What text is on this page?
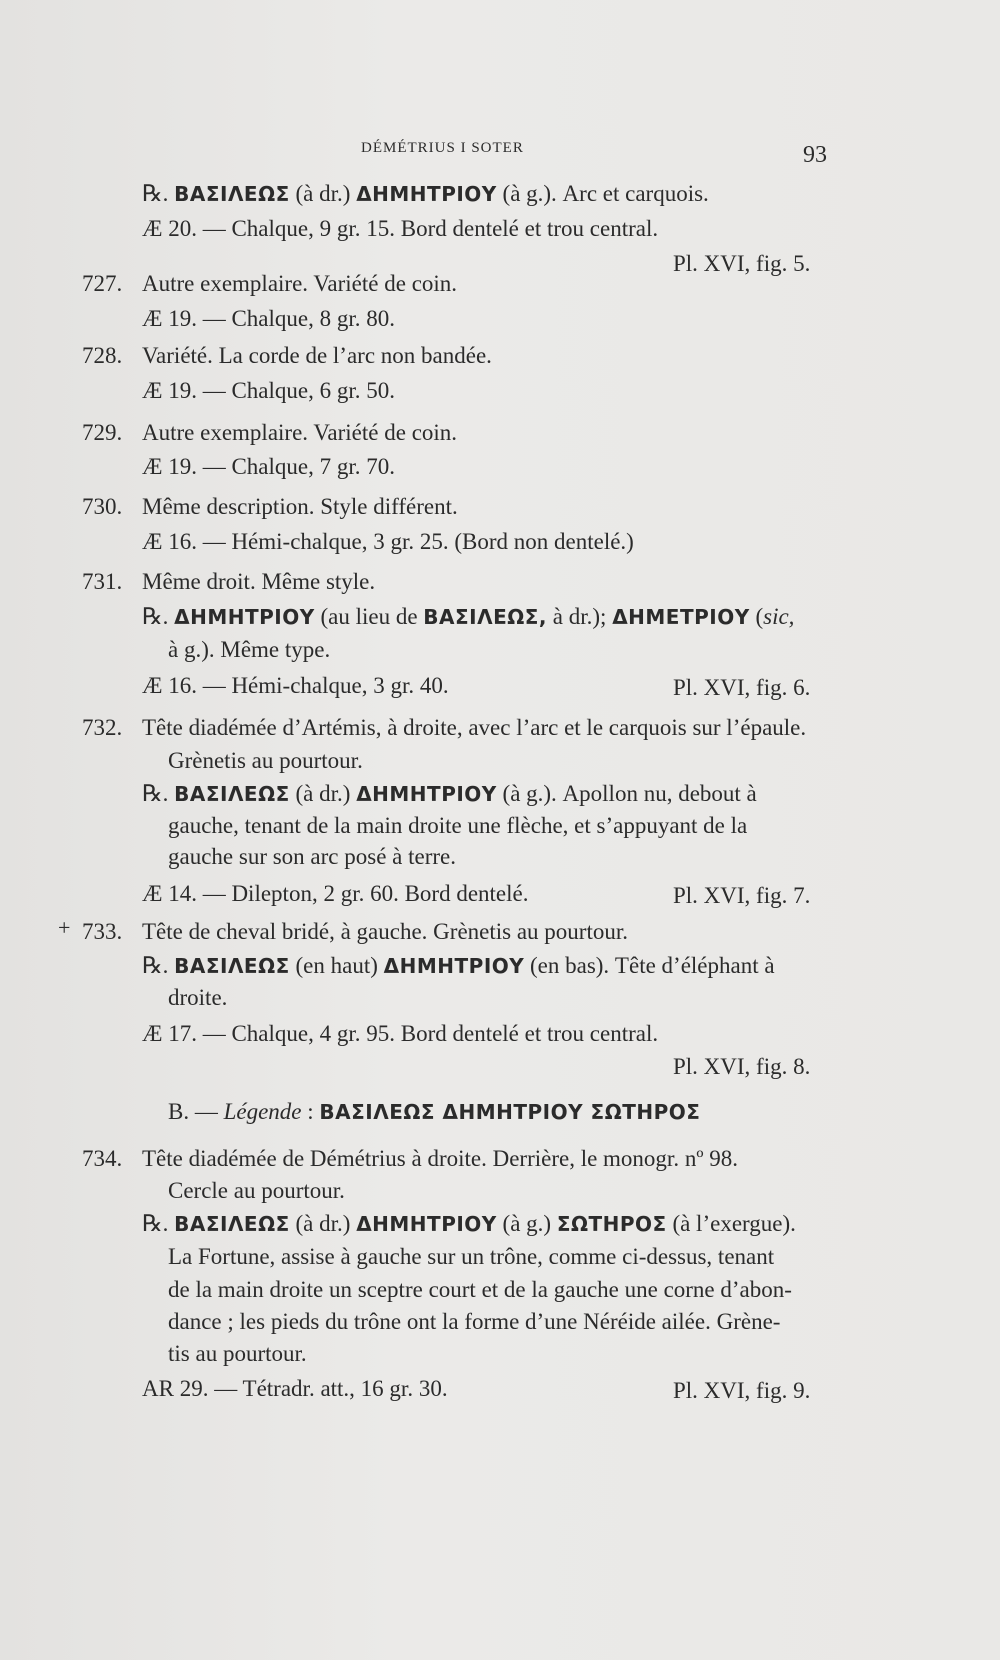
DÉMÉTRIUS I SOTER	93
℞. ΒΑΣΙΛΕΩΣ (à dr.) ΔΗΜΗΤΡΙΟΥ (à g.). Arc et carquois.
Æ 20. — Chalque, 9 gr. 15. Bord dentelé et trou central.
Pl. XVI, fig. 5.
727. Autre exemplaire. Variété de coin.
Æ 19. — Chalque, 8 gr. 80.
728. Variété. La corde de l’arc non bandée.
Æ 19. — Chalque, 6 gr. 50.
729. Autre exemplaire. Variété de coin.
Æ 19. — Chalque, 7 gr. 70.
730. Même description. Style différent.
Æ 16. — Hémi-chalque, 3 gr. 25. (Bord non dentelé.)
731. Même droit. Même style.
℞. ΔΗΜΗΤΡΙΟΥ (au lieu de ΒΑΣΙΛΕΩΣ, à dr.); ΔΗΜΕΤΡΙΟΥ (sic,
à g.). Même type.
Æ 16. — Hémi-chalque, 3 gr. 40.	Pl. XVI, fig. 6.
732. Tête diadémée d’Artémis, à droite, avec l’arc et le carquois sur l’épaule.
Grènetis au pourtour.
℞. ΒΑΣΙΛΕΩΣ (à dr.) ΔΗΜΗΤΡΙΟΥ (à g.). Apollon nu, debout à
gauche, tenant de la main droite une flèche, et s’appuyant de la
gauche sur son arc posé à terre.
Æ 14. — Dilepton, 2 gr. 60. Bord dentelé.	Pl. XVI, fig. 7.
+ 733. Tête de cheval bridé, à gauche. Grènetis au pourtour.
℞. ΒΑΣΙΛΕΩΣ (en haut) ΔΗΜΗΤΡΙΟΥ (en bas). Tête d’éléphant à
droite.
Æ 17. — Chalque, 4 gr. 95. Bord dentelé et trou central.
Pl. XVI, fig. 8.
B. — Légende : ΒΑΣΙΛΕΩΣ ΔΗΜΗΤΡΙΟΥ ΣΩΤΗΡΟΣ
734. Tête diadémée de Démétrius à droite. Derrière, le monogr. nº 98.
Cercle au pourtour.
℞. ΒΑΣΙΛΕΩΣ (à dr.) ΔΗΜΗΤΡΙΟΥ (à g.) ΣΩΤΗΡΟΣ (à l’exergue).
La Fortune, assise à gauche sur un trône, comme ci-dessus, tenant
de la main droite un sceptre court et de la gauche une corne d’abon-
dance ; les pieds du trône ont la forme d’une Néréide ailée. Grène-
tis au pourtour.
AR 29. — Tétradr. att., 16 gr. 30.	Pl. XVI, fig. 9.
